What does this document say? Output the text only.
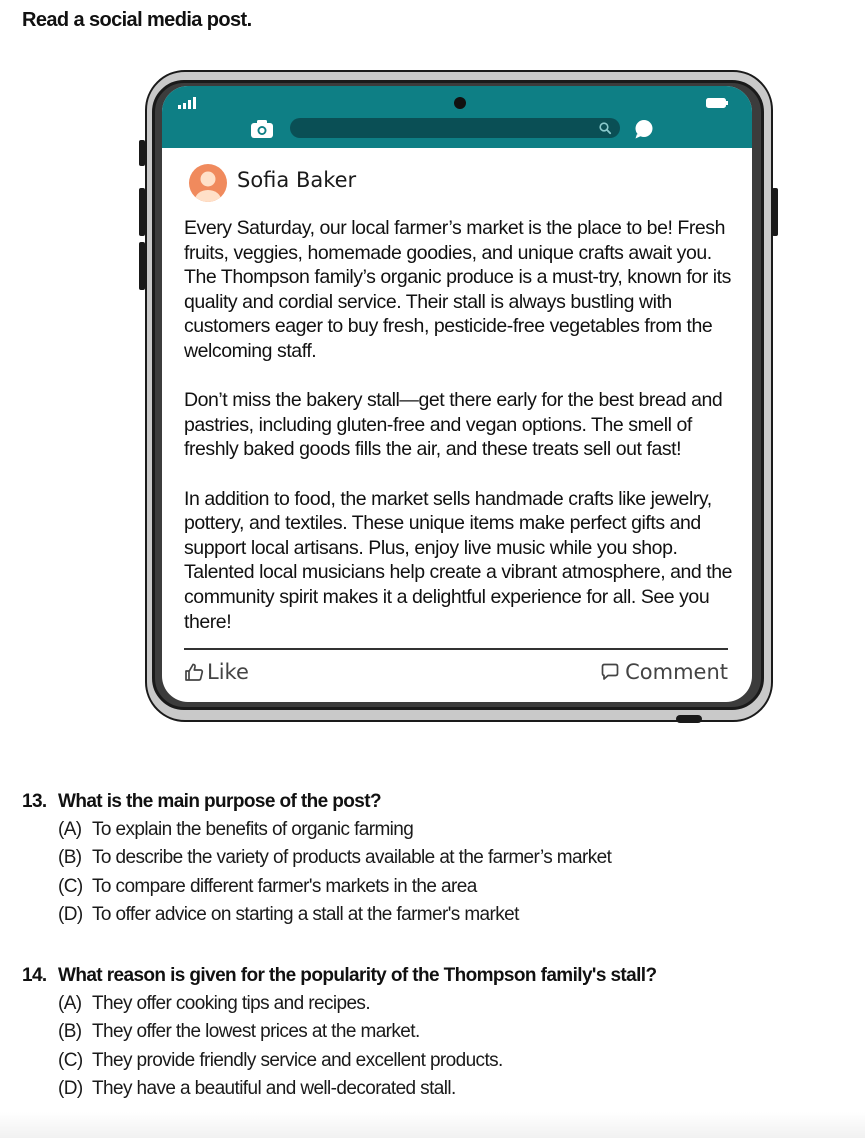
Read a social media post.
Sofia Baker

Every Saturday, our local farmer’s market is the place to be! Fresh fruits, veggies, homemade goodies, and unique crafts await you. The Thompson family’s organic produce is a must-try, known for its quality and cordial service. Their stall is always bustling with customers eager to buy fresh, pesticide-free vegetables from the welcoming staff.

Don’t miss the bakery stall—get there early for the best bread and pastries, including gluten-free and vegan options. The smell of freshly baked goods fills the air, and these treats sell out fast!

In addition to food, the market sells handmade crafts like jewelry, pottery, and textiles. These unique items make perfect gifts and support local artisans. Plus, enjoy live music while you shop. Talented local musicians help create a vibrant atmosphere, and the community spirit makes it a delightful experience for all. See you there!

Like	Comment
13. What is the main purpose of the post?
(A) To explain the benefits of organic farming
(B) To describe the variety of products available at the farmer’s market
(C) To compare different farmer's markets in the area
(D) To offer advice on starting a stall at the farmer's market
14. What reason is given for the popularity of the Thompson family's stall?
(A) They offer cooking tips and recipes.
(B) They offer the lowest prices at the market.
(C) They provide friendly service and excellent products.
(D) They have a beautiful and well-decorated stall.
